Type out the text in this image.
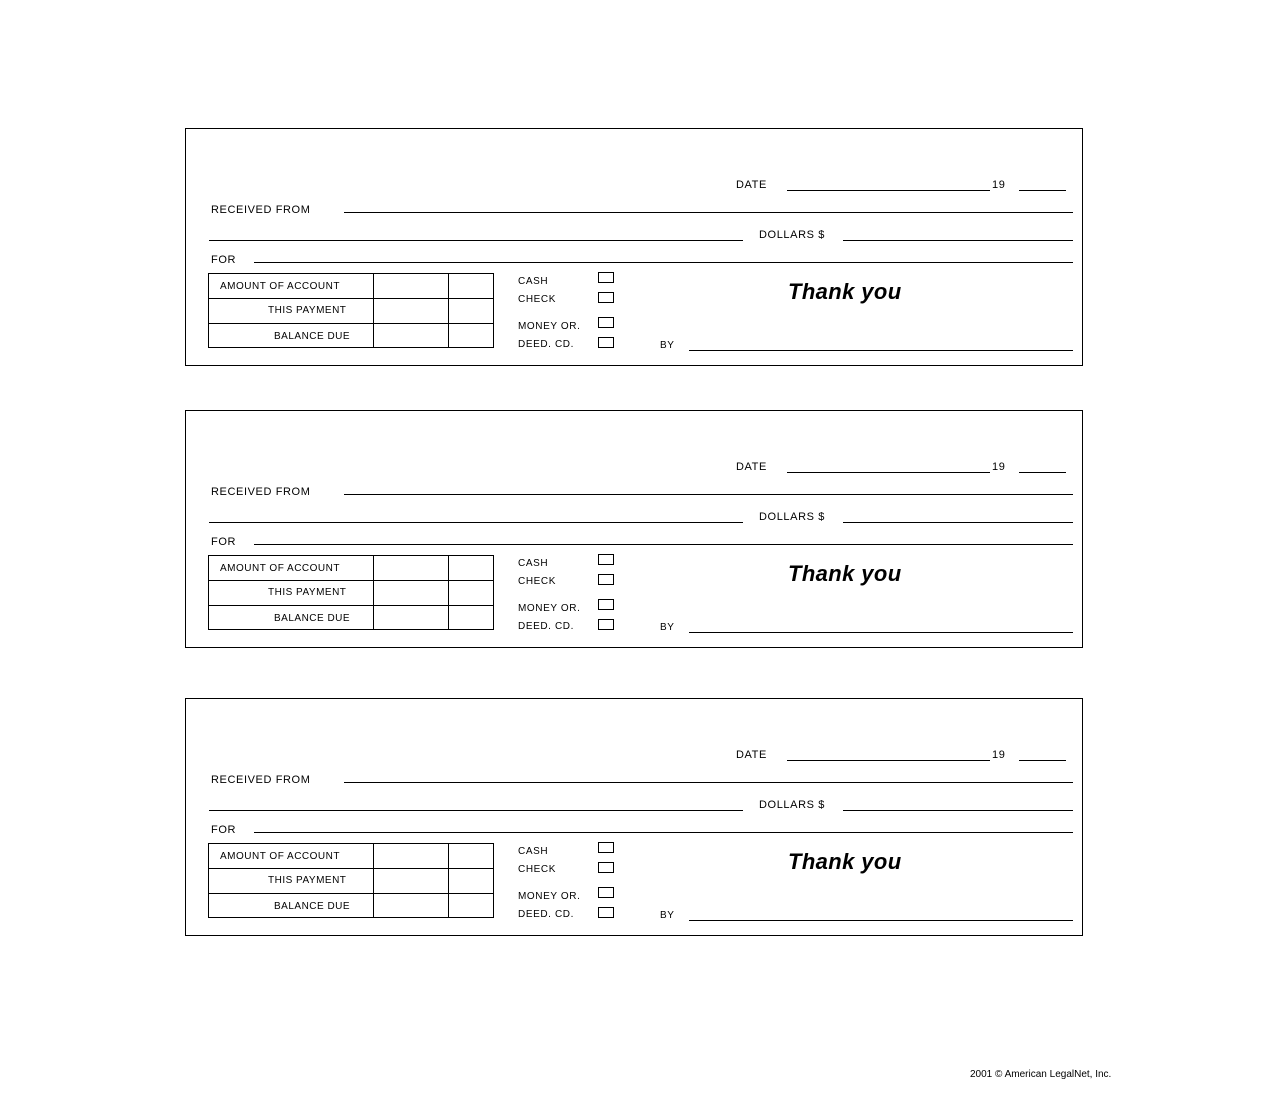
DATE	19
RECEIVED FROM
DOLLARS $
FOR
AMOUNT OF ACCOUNT
THIS PAYMENT
BALANCE DUE
CASH
CHECK
MONEY OR.
DEED. CD.
Thank you
BY
DATE	19
RECEIVED FROM
DOLLARS $
FOR
AMOUNT OF ACCOUNT
THIS PAYMENT
BALANCE DUE
CASH
CHECK
MONEY OR.
DEED. CD.
Thank you
BY
DATE	19
RECEIVED FROM
DOLLARS $
FOR
AMOUNT OF ACCOUNT
THIS PAYMENT
BALANCE DUE
CASH
CHECK
MONEY OR.
DEED. CD.
Thank you
BY
2001 © American LegalNet, Inc.
